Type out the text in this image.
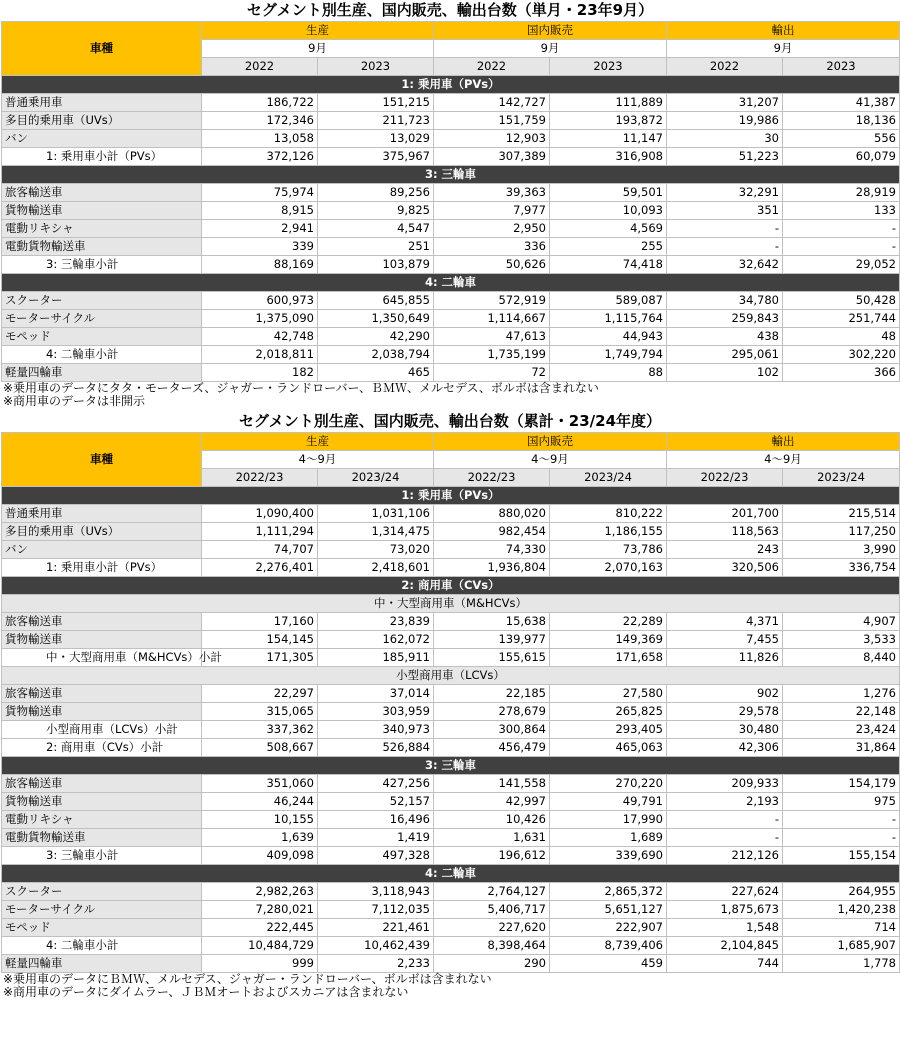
セグメント別生産、国内販売、輸出台数（単月・23年9月）
車種	生産		国内販売		輸出	
	9月		9月		9月	
	2022	2023	2022	2023	2022	2023
1: 乗用車（PVs）						
普通乗用車	186,722	151,215	142,727	111,889	31,207	41,387
多目的乗用車（UVs）	172,346	211,723	151,759	193,872	19,986	18,136
バン	13,058	13,029	12,903	11,147	30	556
1: 乗用車小計（PVs）	372,126	375,967	307,389	316,908	51,223	60,079
3: 三輪車						
旅客輸送車	75,974	89,256	39,363	59,501	32,291	28,919
貨物輸送車	8,915	9,825	7,977	10,093	351	133
電動リキシャ	2,941	4,547	2,950	4,569	-	-
電動貨物輸送車	339	251	336	255	-	-
3: 三輪車小計	88,169	103,879	50,626	74,418	32,642	29,052
4: 二輪車						
スクーター	600,973	645,855	572,919	589,087	34,780	50,428
モーターサイクル	1,375,090	1,350,649	1,114,667	1,115,764	259,843	251,744
モペッド	42,748	42,290	47,613	44,943	438	48
4: 二輪車小計	2,018,811	2,038,794	1,735,199	1,749,794	295,061	302,220
軽量四輪車	182	465	72	88	102	366
※乗用車のデータにタタ・モーターズ、ジャガー・ランドローバー、ＢＭＷ、メルセデス、ボルボは含まれない
※商用車のデータは非開示
セグメント別生産、国内販売、輸出台数（累計・23/24年度）
車種	生産		国内販売		輸出	
	4～9月		4～9月		4～9月	
	2022/23	2023/24	2022/23	2023/24	2022/23	2023/24
1: 乗用車（PVs）						
普通乗用車	1,090,400	1,031,106	880,020	810,222	201,700	215,514
多目的乗用車（UVs）	1,111,294	1,314,475	982,454	1,186,155	118,563	117,250
バン	74,707	73,020	74,330	73,786	243	3,990
1: 乗用車小計（PVs）	2,276,401	2,418,601	1,936,804	2,070,163	320,506	336,754
2: 商用車（CVs）						
中・大型商用車（M&HCVs）						
旅客輸送車	17,160	23,839	15,638	22,289	4,371	4,907
貨物輸送車	154,145	162,072	139,977	149,369	7,455	3,533
中・大型商用車（M&HCVs）小計	171,305	185,911	155,615	171,658	11,826	8,440
小型商用車（LCVs）						
旅客輸送車	22,297	37,014	22,185	27,580	902	1,276
貨物輸送車	315,065	303,959	278,679	265,825	29,578	22,148
小型商用車（LCVs）小計	337,362	340,973	300,864	293,405	30,480	23,424
2: 商用車（CVs）小計	508,667	526,884	456,479	465,063	42,306	31,864
3: 三輪車						
旅客輸送車	351,060	427,256	141,558	270,220	209,933	154,179
貨物輸送車	46,244	52,157	42,997	49,791	2,193	975
電動リキシャ	10,155	16,496	10,426	17,990	-	-
電動貨物輸送車	1,639	1,419	1,631	1,689	-	-
3: 三輪車小計	409,098	497,328	196,612	339,690	212,126	155,154
4: 二輪車						
スクーター	2,982,263	3,118,943	2,764,127	2,865,372	227,624	264,955
モーターサイクル	7,280,021	7,112,035	5,406,717	5,651,127	1,875,673	1,420,238
モペッド	222,445	221,461	227,620	222,907	1,548	714
4: 二輪車小計	10,484,729	10,462,439	8,398,464	8,739,406	2,104,845	1,685,907
軽量四輪車	999	2,233	290	459	744	1,778
※乗用車のデータにＢＭＷ、メルセデス、ジャガー・ランドローバー、ボルボは含まれない
※商用車のデータにダイムラー、ＪＢＭオートおよびスカニアは含まれない
